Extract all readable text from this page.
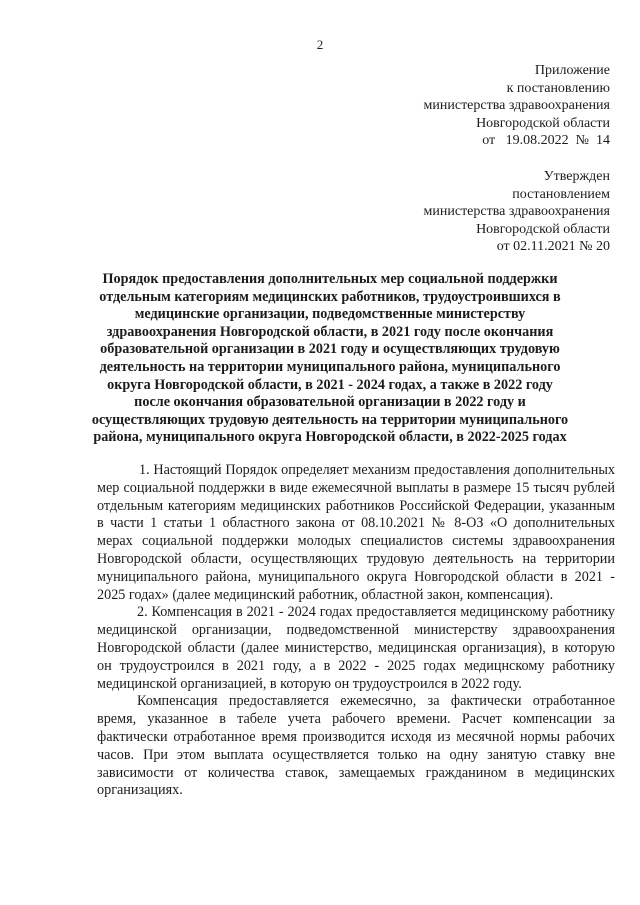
2
Приложение
к постановлению
министерства здравоохранения
Новгородской области
от   19.08.2022  №  14
Утвержден
постановлением
министерства здравоохранения
Новгородской области
от 02.11.2021 № 20
Порядок предоставления дополнительных мер социальной поддержки
отдельным категориям медицинских работников, трудоустроившихся в
медицинские организации, подведомственные министерству
здравоохранения Новгородской области, в 2021 году после окончания
образовательной организации в 2021 году и осуществляющих трудовую
деятельность на территории муниципального района, муниципального
округа Новгородской области, в 2021 - 2024 годах, а также в 2022 году
после окончания образовательной организации в 2022 году и
осуществляющих трудовую деятельность на территории муниципального
района, муниципального округа Новгородской области, в 2022-2025 годах

1. Настоящий Порядок определяет механизм предоставления дополнительных мер социальной поддержки в виде ежемесячной выплаты в размере 15 тысяч рублей отдельным категориям медицинских работников Российской Федерации, указанным в части 1 статьи 1 областного закона от 08.10.2021 № 8-ОЗ «О дополнительных мерах социальной поддержки молодых специалистов системы здравоохранения Новгородской области, осуществляющих трудовую деятельность на территории муниципального района, муниципального округа Новгородской области в 2021 - 2025 годах» (далее медицинский работник, областной закон, компенсация).

2. Компенсация в 2021 - 2024 годах предоставляется медицинскому работнику медицинской организации, подведомственной министерству здравоохранения Новгородской области (далее министерство, медицинская организация), в которую он трудоустроился в 2021 году, а в 2022 - 2025 годах медицнскому работнику медицинской организацией, в которую он трудоустроился в 2022 году.

Компенсация предоставляется ежемесячно, за фактически отработанное время, указанное в табеле учета рабочего времени. Расчет компенсации за фактически отработанное время производится исходя из месячной нормы рабочих часов. При этом выплата осуществляется только на одну занятую ставку вне зависимости от количества ставок, замещаемых гражданином в медицинских организациях.
